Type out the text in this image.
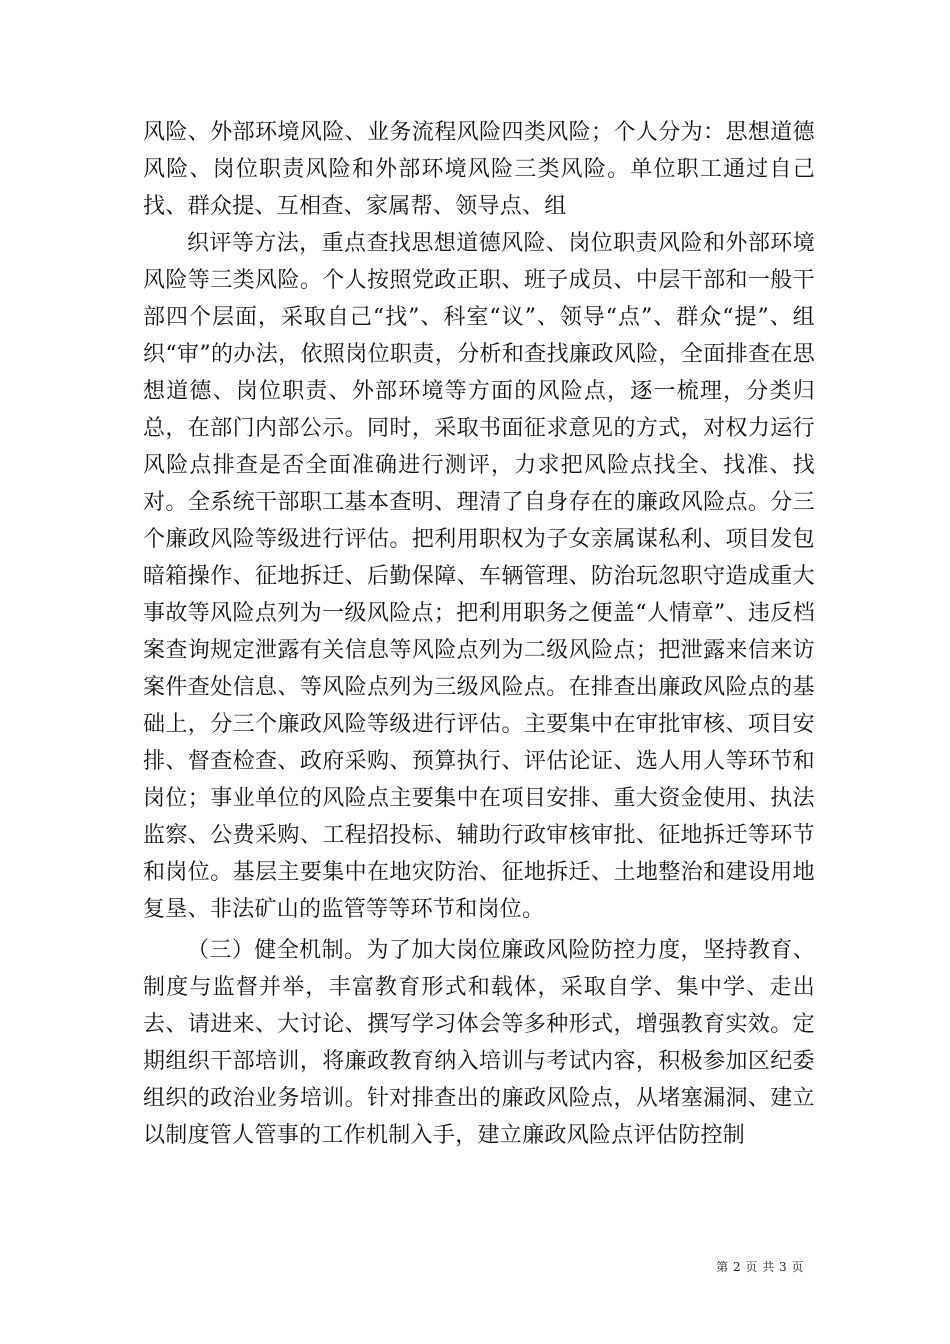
风险、外部环境风险、业务流程风险四类风险；个人分为：思想道德风险、岗位职责风险和外部环境风险三类风险。单位职工通过自己找、群众提、互相查、家属帮、领导点、组

织评等方法，重点查找思想道德风险、岗位职责风险和外部环境风险等三类风险。个人按照党政正职、班子成员、中层干部和一般干部四个层面，采取自己“找”、科室“议”、领导“点”、群众“提”、组织“审”的办法，依照岗位职责，分析和查找廉政风险，全面排查在思想道德、岗位职责、外部环境等方面的风险点，逐一梳理，分类归总，在部门内部公示。同时，采取书面征求意见的方式，对权力运行风险点排查是否全面准确进行测评，力求把风险点找全、找准、找对。全系统干部职工基本查明、理清了自身存在的廉政风险点。分三个廉政风险等级进行评估。把利用职权为子女亲属谋私利、项目发包暗箱操作、征地拆迁、后勤保障、车辆管理、防治玩忽职守造成重大事故等风险点列为一级风险点；把利用职务之便盖“人情章”、违反档案查询规定泄露有关信息等风险点列为二级风险点；把泄露来信来访案件查处信息、等风险点列为三级风险点。在排查出廉政风险点的基础上，分三个廉政风险等级进行评估。主要集中在审批审核、项目安排、督查检查、政府采购、预算执行、评估论证、选人用人等环节和岗位；事业单位的风险点主要集中在项目安排、重大资金使用、执法监察、公费采购、工程招投标、辅助行政审核审批、征地拆迁等环节和岗位。基层主要集中在地灾防治、征地拆迁、土地整治和建设用地复垦、非法矿山的监管等等环节和岗位。

（三）健全机制。为了加大岗位廉政风险防控力度，坚持教育、制度与监督并举，丰富教育形式和载体，采取自学、集中学、走出去、请进来、大讨论、撰写学习体会等多种形式，增强教育实效。定期组织干部培训，将廉政教育纳入培训与考试内容，积极参加区纪委组织的政治业务培训。针对排查出的廉政风险点，从堵塞漏洞、建立以制度管人管事的工作机制入手，建立廉政风险点评估防控制

第 2 页 共 3 页
